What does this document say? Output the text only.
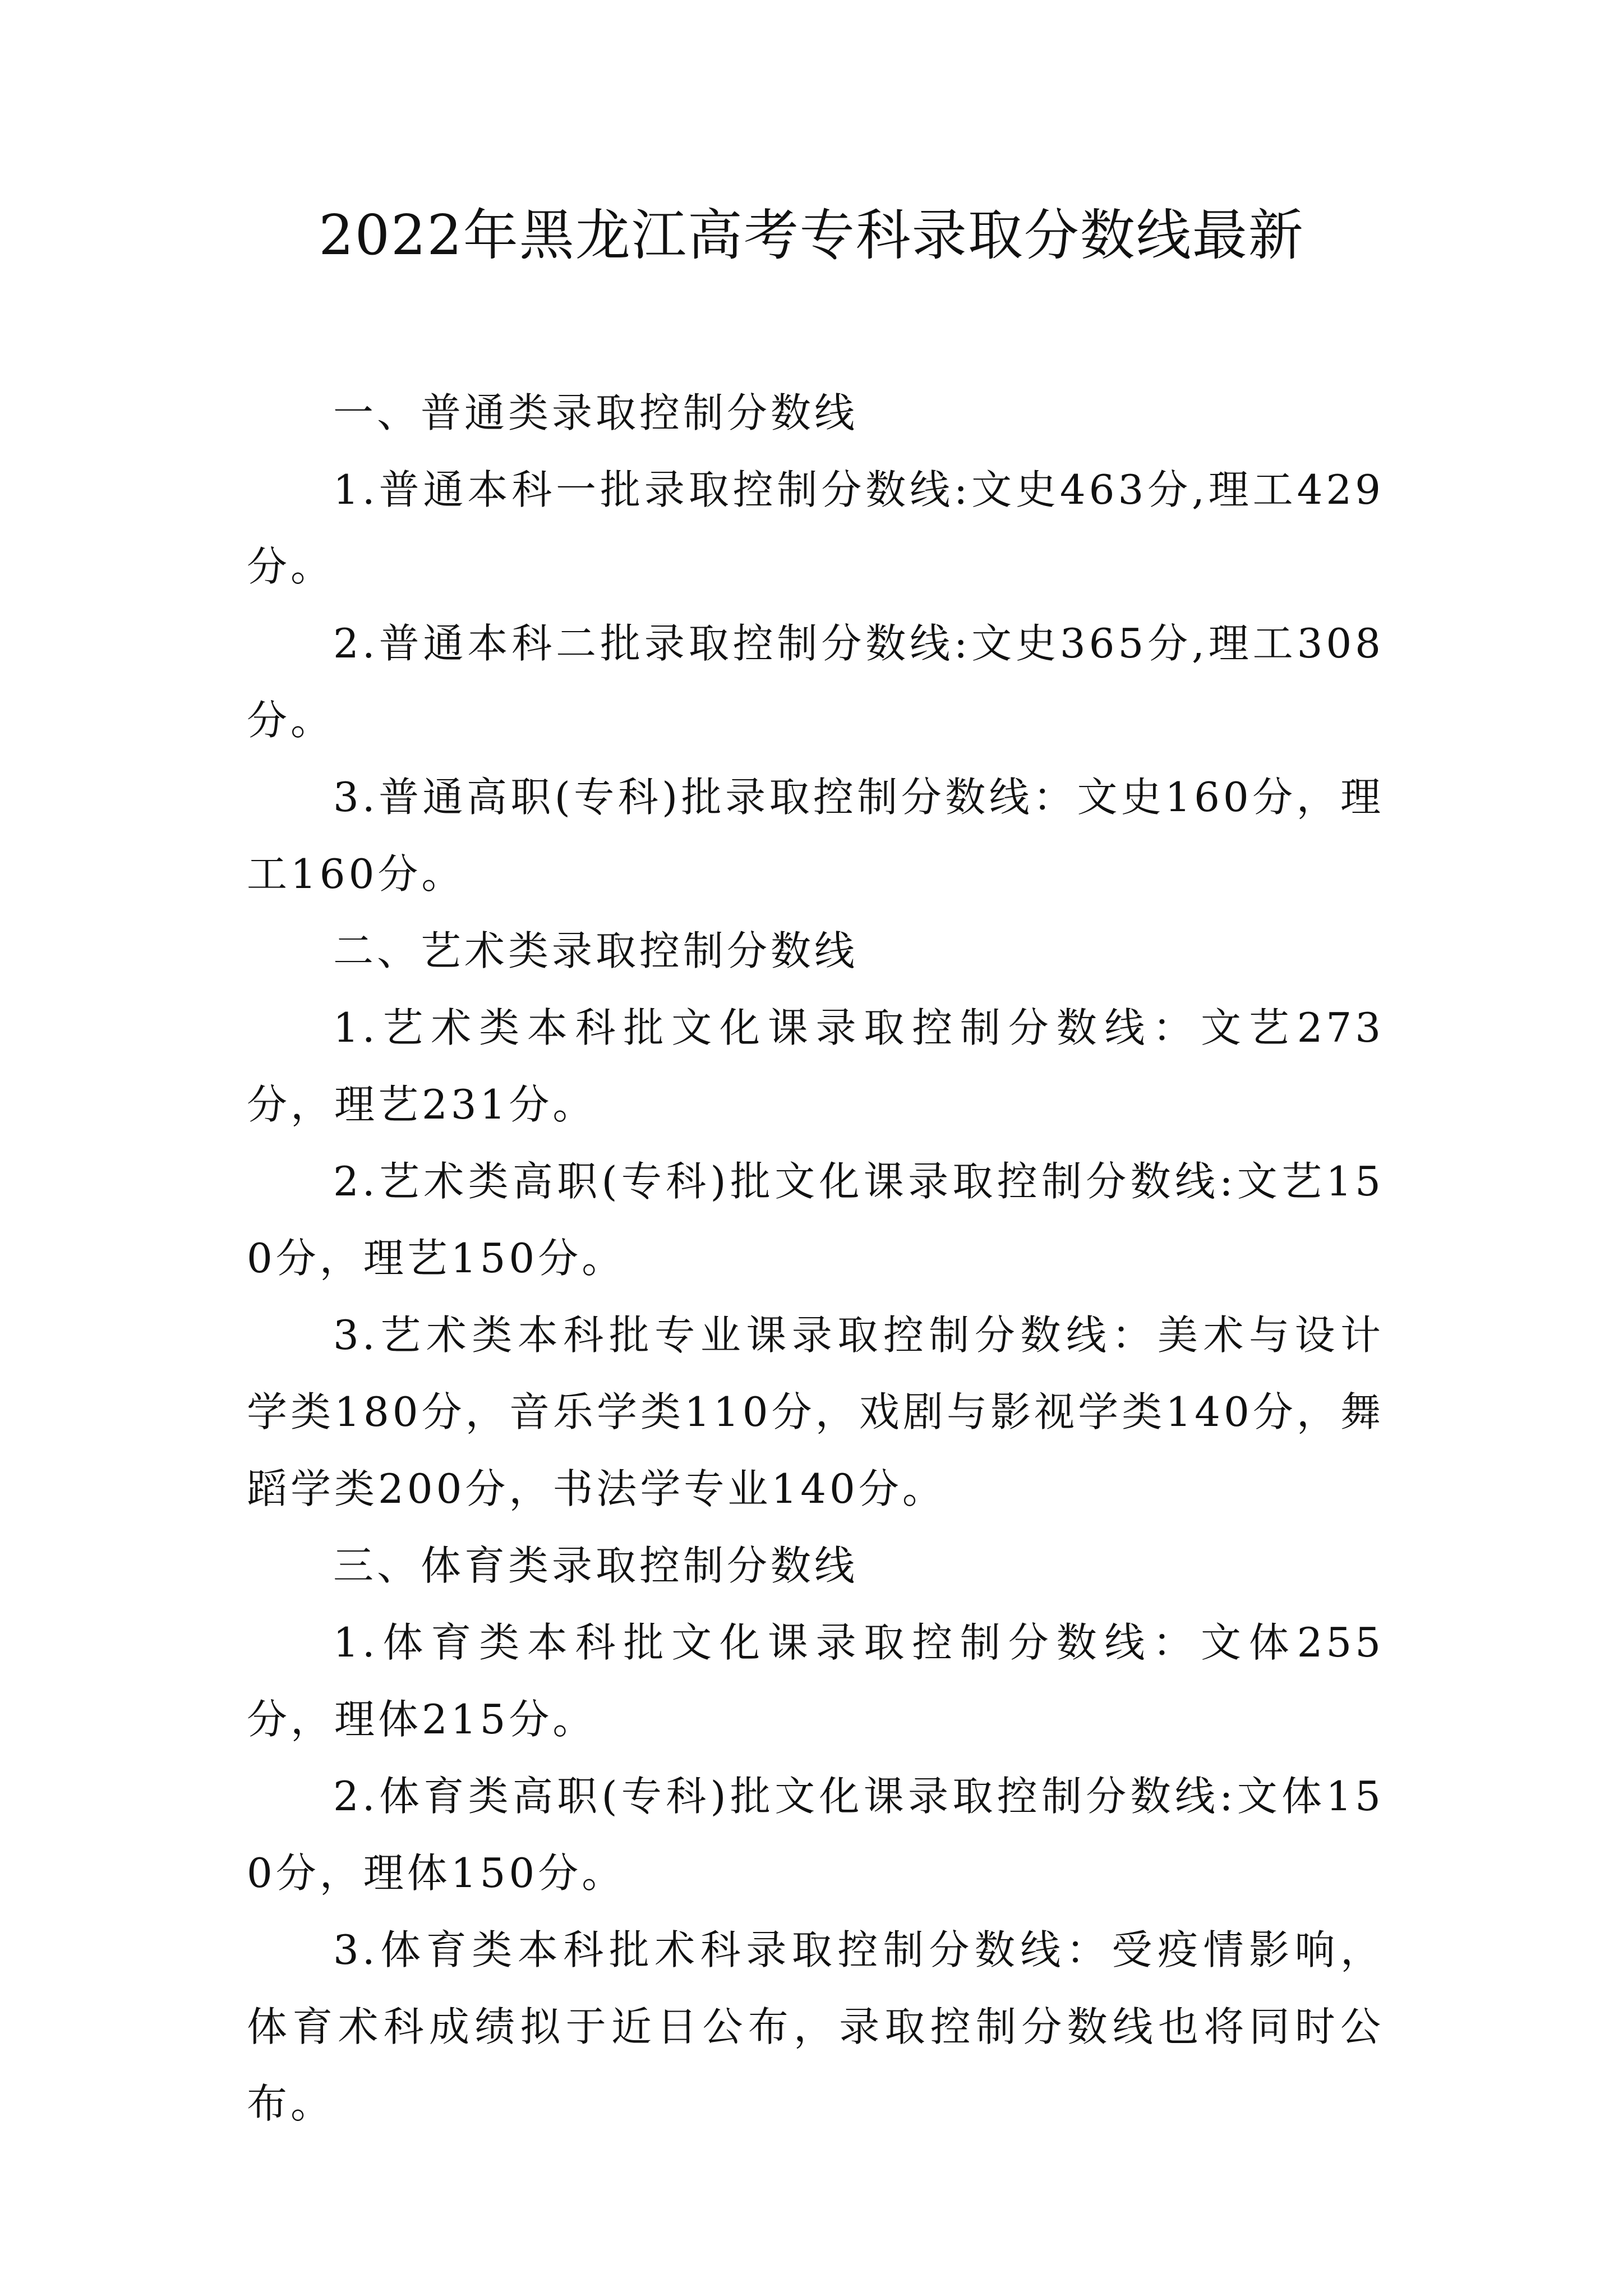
2022年黑龙江高考专科录取分数线最新

一、普通类录取控制分数线

1.普通本科一批录取控制分数线:文史463分,理工429分。

2.普通本科二批录取控制分数线:文史365分,理工308分。

3.普通高职(专科)批录取控制分数线：文史160分，理工160分。

二、艺术类录取控制分数线

1.艺术类本科批文化课录取控制分数线：文艺273分，理艺231分。

2.艺术类高职(专科)批文化课录取控制分数线:文艺150分，理艺150分。

3.艺术类本科批专业课录取控制分数线：美术与设计学类180分，音乐学类110分，戏剧与影视学类140分，舞蹈学类200分，书法学专业140分。

三、体育类录取控制分数线

1.体育类本科批文化课录取控制分数线：文体255分，理体215分。

2.体育类高职(专科)批文化课录取控制分数线:文体150分，理体150分。

3.体育类本科批术科录取控制分数线：受疫情影响，体育术科成绩拟于近日公布，录取控制分数线也将同时公布。
